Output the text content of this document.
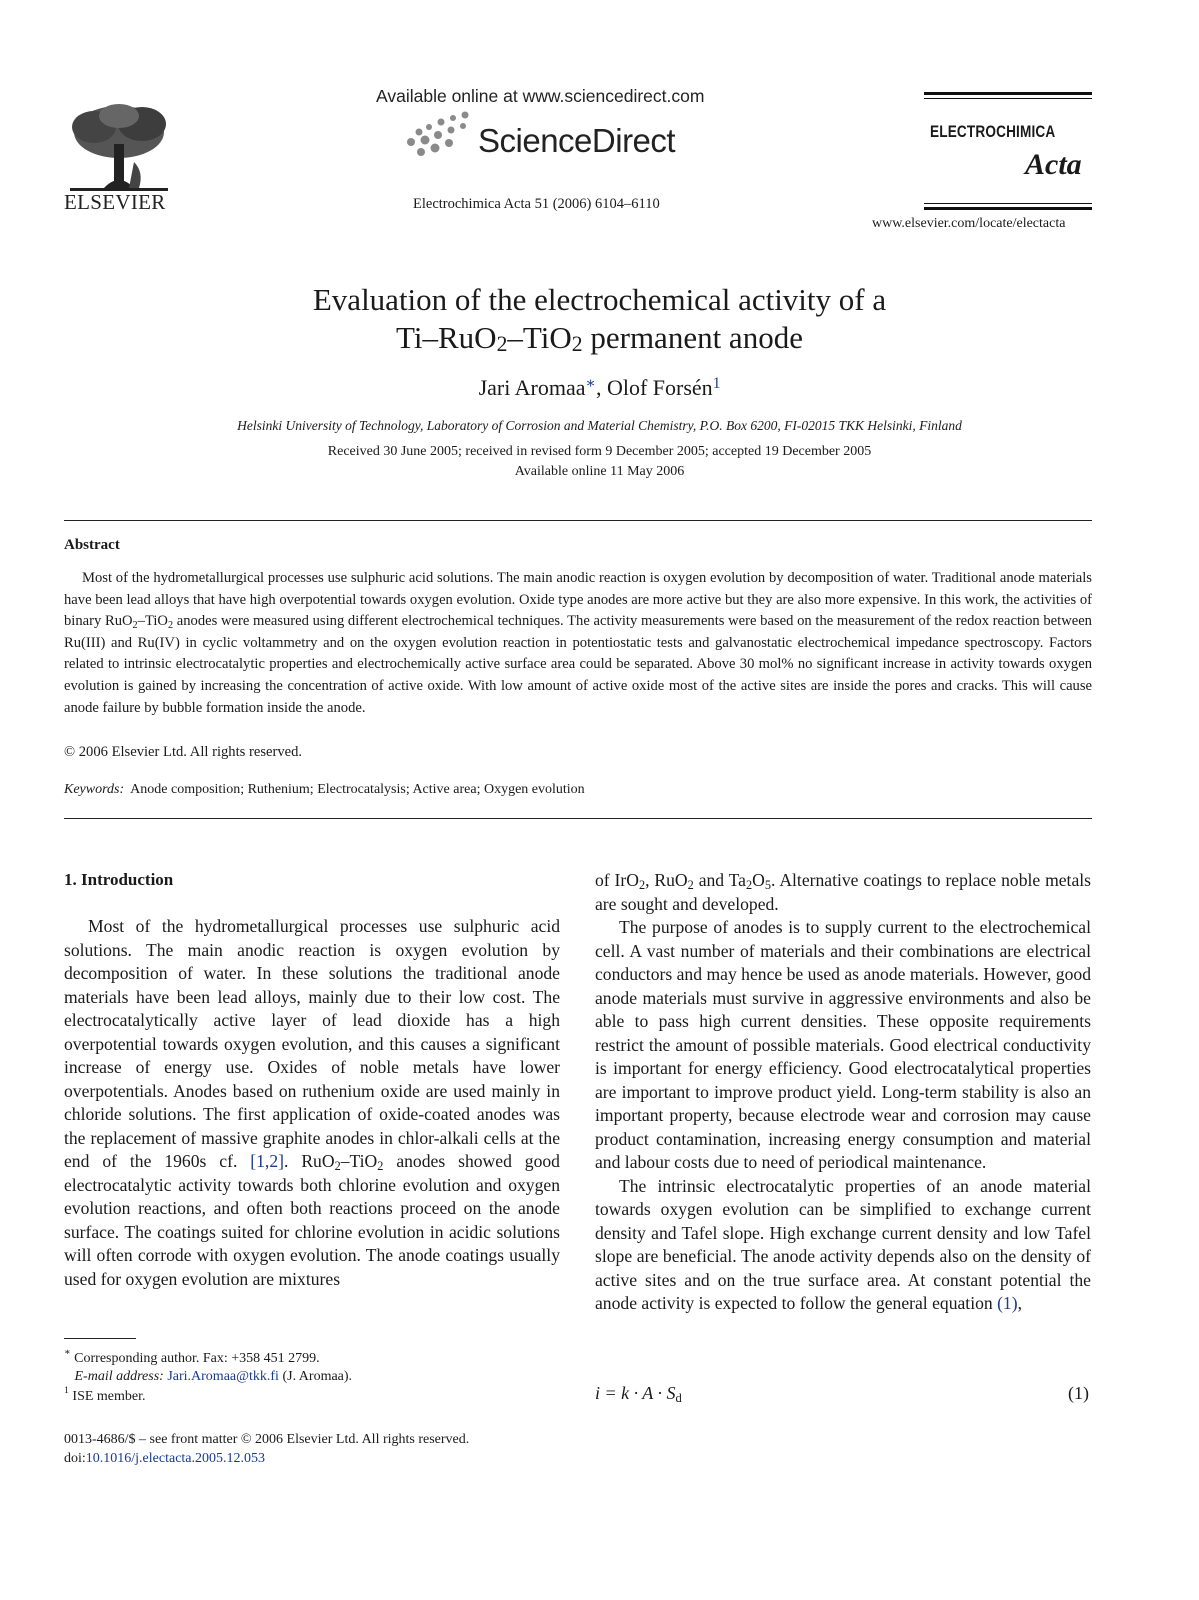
ELSEVIER
Available online at www.sciencedirect.com
ScienceDirect
Electrochimica Acta 51 (2006) 6104–6110
ELECTROCHIMICA
Acta
www.elsevier.com/locate/electacta
Evaluation of the electrochemical activity of a
Ti–RuO$_2$–TiO$_2$ permanent anode
Jari Aromaa∗, Olof Forsén$^1$
Helsinki University of Technology, Laboratory of Corrosion and Material Chemistry, P.O. Box 6200, FI-02015 TKK Helsinki, Finland
Received 30 June 2005; received in revised form 9 December 2005; accepted 19 December 2005
Available online 11 May 2006
Abstract

Most of the hydrometallurgical processes use sulphuric acid solutions. The main anodic reaction is oxygen evolution by decomposition of water. Traditional anode materials have been lead alloys that have high overpotential towards oxygen evolution. Oxide type anodes are more active but they are also more expensive. In this work, the activities of binary RuO$_2$–TiO$_2$ anodes were measured using different electrochemical techniques. The activity measurements were based on the measurement of the redox reaction between Ru(III) and Ru(IV) in cyclic voltammetry and on the oxygen evolution reaction in potentiostatic tests and galvanostatic electrochemical impedance spectroscopy. Factors related to intrinsic electrocatalytic properties and electrochemically active surface area could be separated. Above 30 mol% no significant increase in activity towards oxygen evolution is gained by increasing the concentration of active oxide. With low amount of active oxide most of the active sites are inside the pores and cracks. This will cause anode failure by bubble formation inside the anode.

© 2006 Elsevier Ltd. All rights reserved.
Keywords: Anode composition; Ruthenium; Electrocatalysis; Active area; Oxygen evolution
1. Introduction

Most of the hydrometallurgical processes use sulphuric acid solutions. The main anodic reaction is oxygen evolution by decomposition of water. In these solutions the traditional anode materials have been lead alloys, mainly due to their low cost. The electrocatalytically active layer of lead dioxide has a high overpotential towards oxygen evolution, and this causes a significant increase of energy use. Oxides of noble metals have lower overpotentials. Anodes based on ruthenium oxide are used mainly in chloride solutions. The first application of oxide-coated anodes was the replacement of massive graphite anodes in chlor-alkali cells at the end of the 1960s cf. [1,2]. RuO$_2$–TiO$_2$ anodes showed good electrocatalytic activity towards both chlorine evolution and oxygen evolution reactions, and often both reactions proceed on the anode surface. The coatings suited for chlorine evolution in acidic solutions will often corrode with oxygen evolution. The anode coatings usually used for oxygen evolution are mixtures

of IrO$_2$, RuO$_2$ and $Ta_2O_5$. Alternative coatings to replace noble metals are sought and developed.

The purpose of anodes is to supply current to the electrochemical cell. A vast number of materials and their combinations are electrical conductors and may hence be used as anode materials. However, good anode materials must survive in aggressive environments and also be able to pass high current densities. These opposite requirements restrict the amount of possible materials. Good electrical conductivity is important for energy efficiency. Good electrocatalytical properties are important to improve product yield. Long-term stability is also an important property, because electrode wear and corrosion may cause product contamination, increasing energy consumption and material and labour costs due to need of periodical maintenance.

The intrinsic electrocatalytic properties of an anode material towards oxygen evolution can be simplified to exchange current density and Tafel slope. High exchange current density and low Tafel slope are beneficial. The anode activity depends also on the density of active sites and on the true surface area. At constant potential the anode activity is expected to follow the general equation (1),

$i = k \cdot A \cdot S_d$	(1)
∗ Corresponding author. Fax: +358 451 2799.
E-mail address: Jari.Aromaa@tkk.fi (J. Aromaa).
$^1$ ISE member.
0013-4686/$ – see front matter © 2006 Elsevier Ltd. All rights reserved.
doi:10.1016/j.electacta.2005.12.053
